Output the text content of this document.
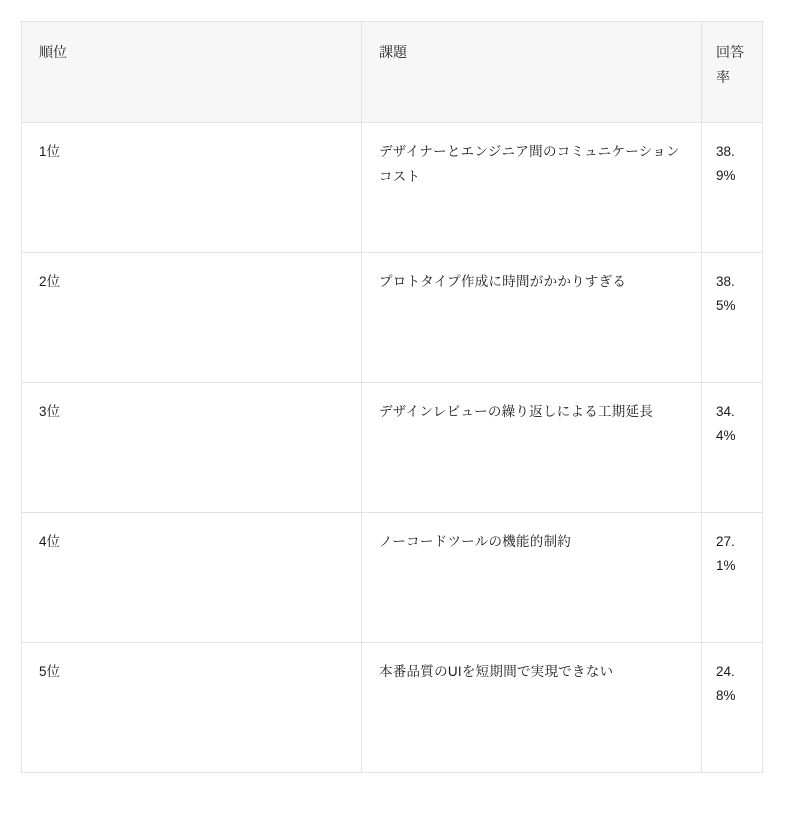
順位	課題	回答率
1位	デザイナーとエンジニア間のコミュニケーションコスト	38.9%
2位	プロトタイプ作成に時間がかかりすぎる	38.5%
3位	デザインレビューの繰り返しによる工期延長	34.4%
4位	ノーコードツールの機能的制約	27.1%
5位	本番品質のUIを短期間で実現できない	24.8%
